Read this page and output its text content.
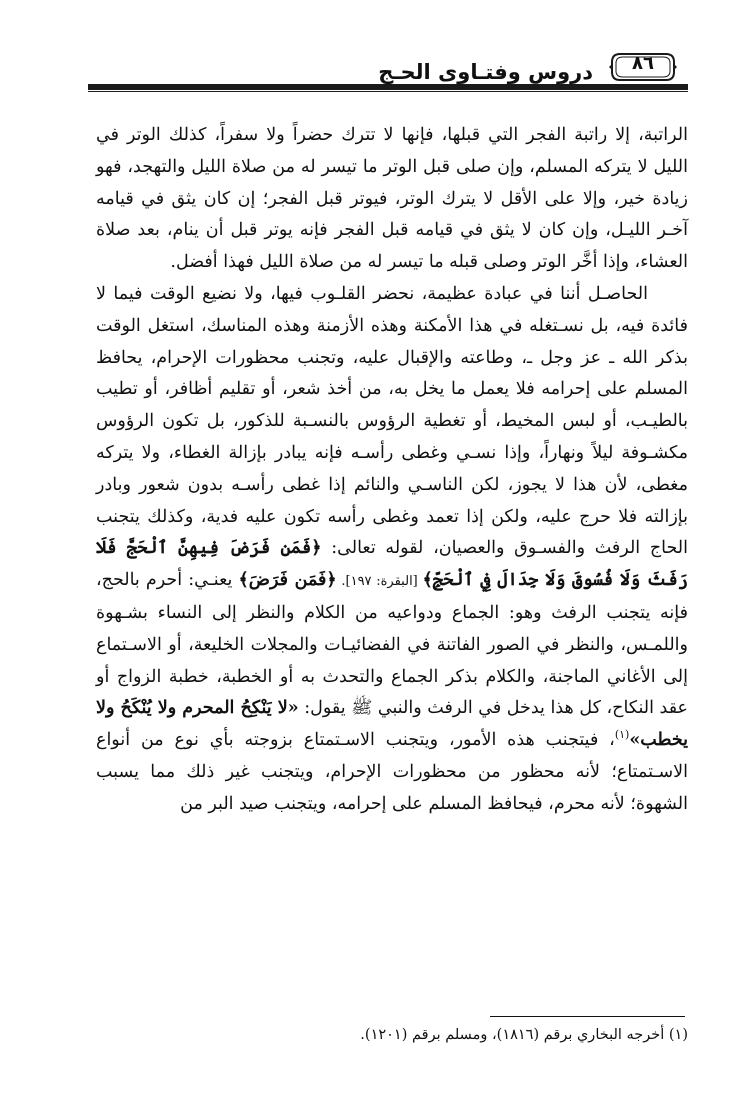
دروس وفتـاوى الحـج	٨٦

الراتبة، إلا راتبة الفجر التي قبلها، فإنها لا تترك حضراً ولا سفراً، كذلك الوتر في الليل لا يتركه المسلم، وإن صلى قبل الوتر ما تيسر له من صلاة الليل والتهجد، فهو زيادة خير، وإلا على الأقل لا يترك الوتر، فيوتر قبل الفجر؛ إن كان يثق في قيامه آخـر الليـل، وإن كان لا يثق في قيامه قبل الفجر فإنه يوتر قبل أن ينام، بعد صلاة العشاء، وإذا أخَّر الوتر وصلى قبله ما تيسر له من صلاة الليل فهذا أفضل.

الحاصـل أننا في عبادة عظيمة، نحضر القلـوب فيها، ولا نضيع الوقت فيما لا فائدة فيه، بل نسـتغله في هذا الأمكنة وهذه الأزمنة وهذه المناسك، استغل الوقت بذكر الله ـ عز وجل ـ، وطاعته والإقبال عليه، وتجنب محظورات الإحرام، يحافظ المسلم على إحرامه فلا يعمل ما يخل به، من أخذ شعر، أو تقليم أظافر، أو تطيب بالطيـب، أو لبس المخيط، أو تغطية الرؤوس بالنسـبة للذكور، بل تكون الرؤوس مكشـوفة ليلاً ونهاراً، وإذا نسـي وغطى رأسـه فإنه يبادر بإزالة الغطاء، ولا يتركه مغطى، لأن هذا لا يجوز، لكن الناسـي والنائم إذا غطى رأسـه بدون شعور وبادر بإزالته فلا حرج عليه، ولكن إذا تعمد وغطى رأسه تكون عليه فدية، وكذلك يتجنب الحاج الرفث والفسـوق والعصيان، لقوله تعالى: ﴿فَمَن فَرَضَ فِيهِنَّ ٱلْحَجَّ فَلَا رَفَثَ وَلَا فُسُوقَ وَلَا جِدَالَ فِي ٱلْحَجِّ﴾ [البقرة: ١٩٧]. ﴿فَمَن فَرَضَ﴾ يعنـي: أحرم بالحج، فإنه يتجنب الرفث وهو: الجماع ودواعيه من الكلام والنظر إلى النساء بشـهوة واللمـس، والنظر في الصور الفاتنة في الفضائيـات والمجلات الخليعة، أو الاسـتماع إلى الأغاني الماجنة، والكلام بذكر الجماع والتحدث به أو الخطبة، خطبة الزواج أو عقد النكاح، كل هذا يدخل في الرفث والنبي ﷺ يقول: «لا يَنْكِحُ المحرم ولا يُنْكَحُ ولا يخطب»$^{(١)}$، فيتجنب هذه الأمور، ويتجنب الاسـتمتاع بزوجته بأي نوع من أنواع الاسـتمتاع؛ لأنه محظور من محظورات الإحرام، ويتجنب غير ذلك مما يسبب الشهوة؛ لأنه محرم، فيحافظ المسلم على إحرامه، ويتجنب صيد البر من

(١) أخرجه البخاري برقم (١٨١٦)، ومسلم برقم (١٢٠١).
